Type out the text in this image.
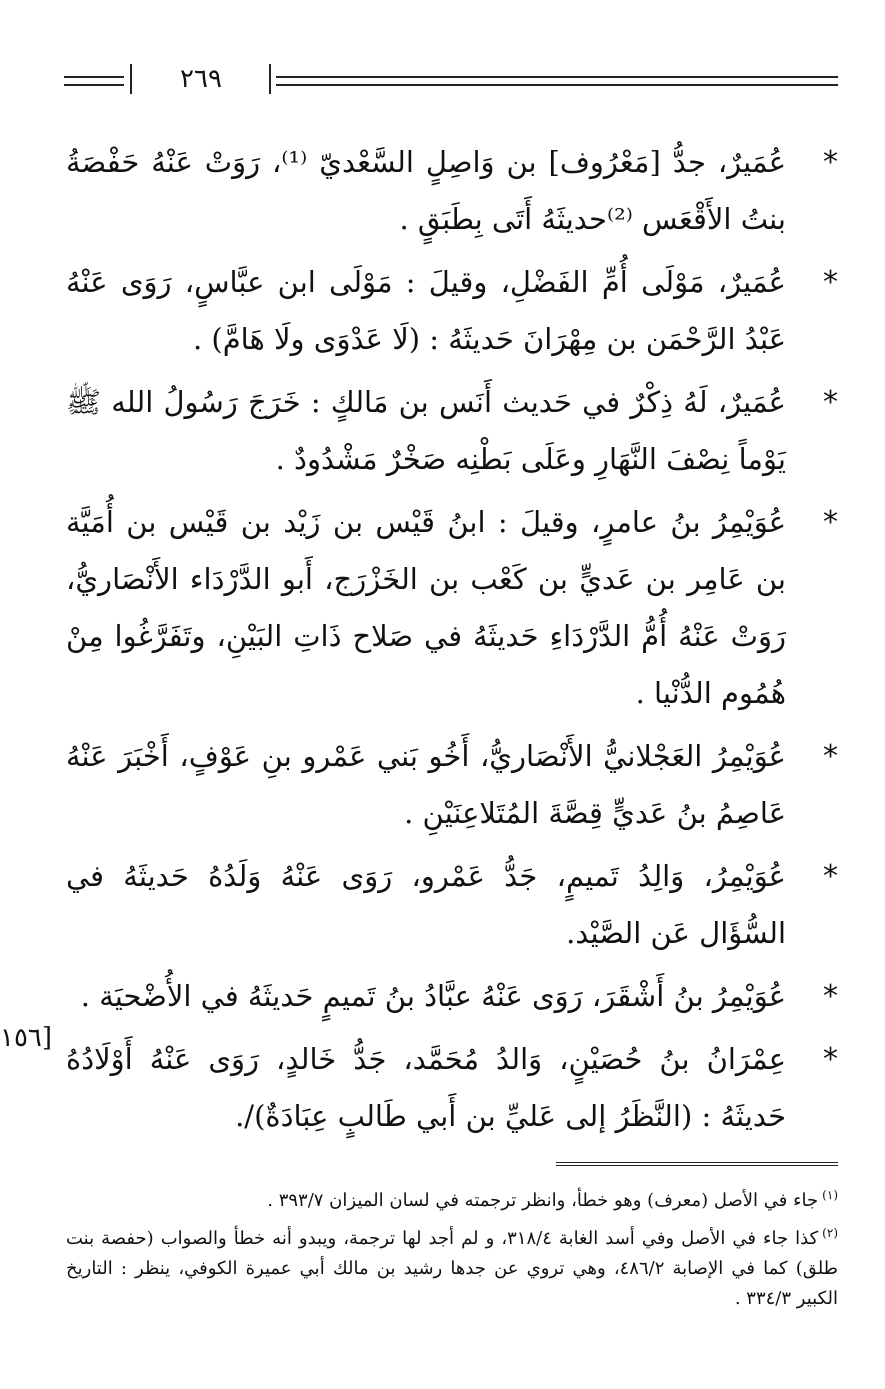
٢٦٩
*
عُمَيرٌ، جدُّ [مَعْرُوف] بن وَاصِلٍ السَّعْديّ ⁽¹⁾، رَوَتْ عَنْهُ حَفْصَةُ بنتُ الأَقْعَس ⁽²⁾حديثَهُ أَتَى بِطَبَقٍ .
*
عُمَيرٌ، مَوْلَى أُمِّ الفَضْلِ، وقيلَ : مَوْلَى ابن عبَّاسٍ، رَوَى عَنْهُ عَبْدُ الرَّحْمَن بن مِهْرَانَ حَديثَهُ : (لَا عَدْوَى ولَا هَامَّ) .
*
عُمَيرٌ، لَهُ ذِكْرٌ في حَديث أَنَس بن مَالكٍ : خَرَجَ رَسُولُ الله ﷺ يَوْماً نِصْفَ النَّهَارِ وعَلَى بَطْنِه صَخْرٌ مَشْدُودٌ .
*
عُوَيْمِرُ بنُ عامرٍ، وقيلَ : ابنُ قَيْس بن زَيْد بن قَيْس بن أُمَيَّة بن عَامِر بن عَديٍّ بن كَعْب بن الخَزْرَج، أَبو الدَّرْدَاء الأَنْصَاريُّ، رَوَتْ عَنْهُ أُمُّ الدَّرْدَاءِ حَديثَهُ في صَلاح ذَاتِ البَيْنِ، وتَفَرَّغُوا مِنْ هُمُوم الدُّنْيا .
*
عُوَيْمِرُ العَجْلانيُّ الأَنْصَاريُّ، أَخُو بَني عَمْرو بنِ عَوْفٍ، أَخْبَرَ عَنْهُ عَاصِمُ بنُ عَديٍّ قِصَّةَ المُتَلاعِنَيْنِ .
*
عُوَيْمِرُ، وَالِدُ تَميمٍ، جَدُّ عَمْرو، رَوَى عَنْهُ وَلَدُهُ حَديثَهُ في السُّؤَال عَن الصَّيْد.
*
عُوَيْمِرُ بنُ أَشْقَرَ، رَوَى عَنْهُ عبَّادُ بنُ تَميمٍ حَديثَهُ في الأُضْحيَة .
*
عِمْرَانُ بنُ حُصَيْنٍ، وَالدُ مُحَمَّد، جَدُّ خَالدٍ، رَوَى عَنْهُ أَوْلَادُهُ حَديثَهُ : (النَّظَرُ إلى عَليِّ بن أَبي طَالبٍ عِبَادَةٌ)/.
[١٥٦

$^{(١)}$جاء في الأصل (معرف) وهو خطأ، وانظر ترجمته في لسان الميزان ٣٩٣/٧ .

$^{(٢)}$كذا جاء في الأصل وفي أسد الغابة ٣١٨/٤، و لم أجد لها ترجمة، ويبدو أنه خطأ والصواب (حفصة بنت طلق) كما في الإصابة ٤٨٦/٢، وهي تروي عن جدها رشيد بن مالك أبي عميرة الكوفي، ينظر : التاريخ الكبير ٣٣٤/٣ .
